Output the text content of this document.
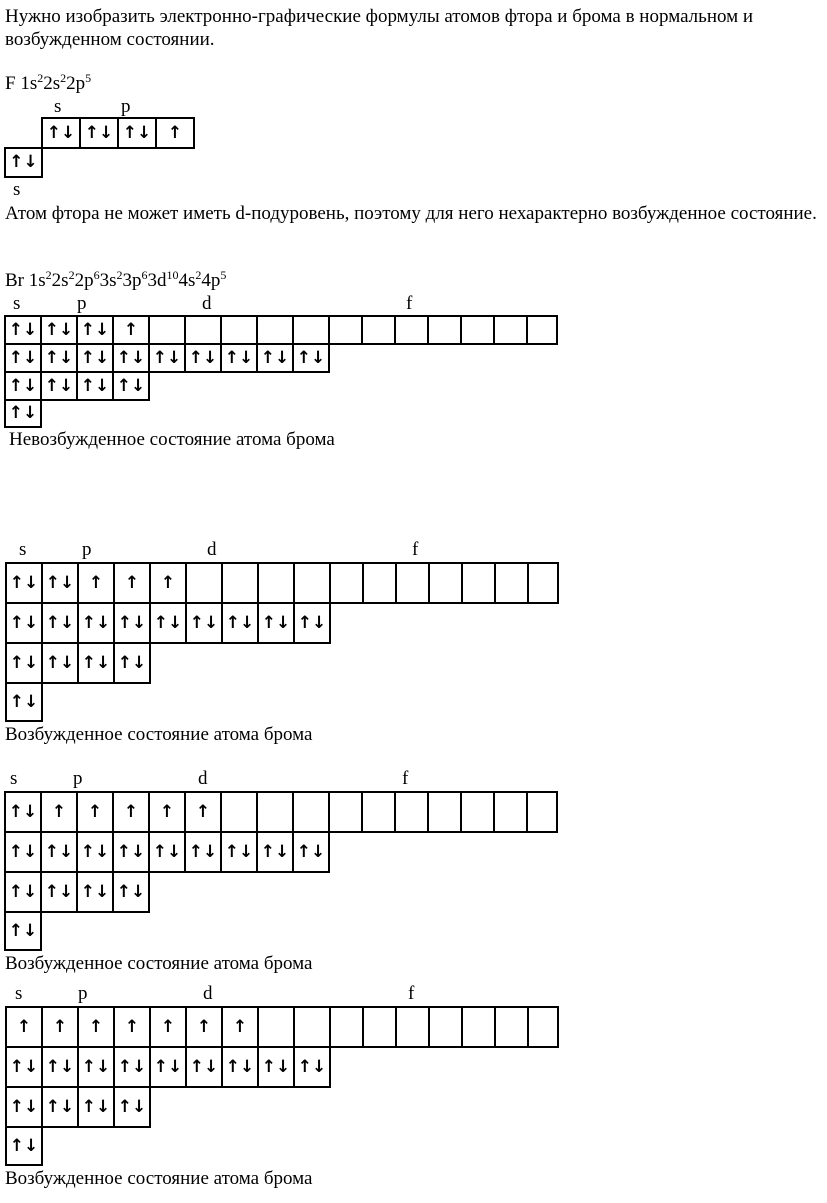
Нужно изобразить электронно-графические формулы атомов фтора и брома в нормальном и возбужденном состоянии.
F $1s^22s^22p^5$
s	p
↑↓ ↑↓ ↑↓ ↑
↑↓
s
Атом фтора не может иметь d-подуровень, поэтому для него нехарактерно возбужденное состояние.
Br $1s^22s^22p^63s^23p^63d^{10}4s^24p^5$
s	p	d	f
↑↓ ↑↓ ↑↓ ↑
↑↓ ↑↓ ↑↓ ↑↓ ↑↓ ↑↓ ↑↓ ↑↓ ↑↓
↑↓ ↑↓ ↑↓ ↑↓
↑↓
Невозбужденное состояние атома брома
s	p	d	f
↑↓ ↑↓ ↑	↑	↑
↑↓ ↑↓ ↑↓ ↑↓ ↑↓ ↑↓ ↑↓ ↑↓ ↑↓
↑↓ ↑↓ ↑↓ ↑↓
↑↓
Возбужденное состояние атома брома
s	p	d	f
↑↓ ↑	↑	↑	↑	↑
↑↓ ↑↓ ↑↓ ↑↓ ↑↓ ↑↓ ↑↓ ↑↓ ↑↓
↑↓ ↑↓ ↑↓ ↑↓
↑↓
Возбужденное состояние атома брома
s	p	d	f
↑	↑	↑	↑	↑	↑	↑
↑↓ ↑↓ ↑↓ ↑↓ ↑↓ ↑↓ ↑↓ ↑↓ ↑↓
↑↓ ↑↓ ↑↓ ↑↓
↑↓
Возбужденное состояние атома брома
